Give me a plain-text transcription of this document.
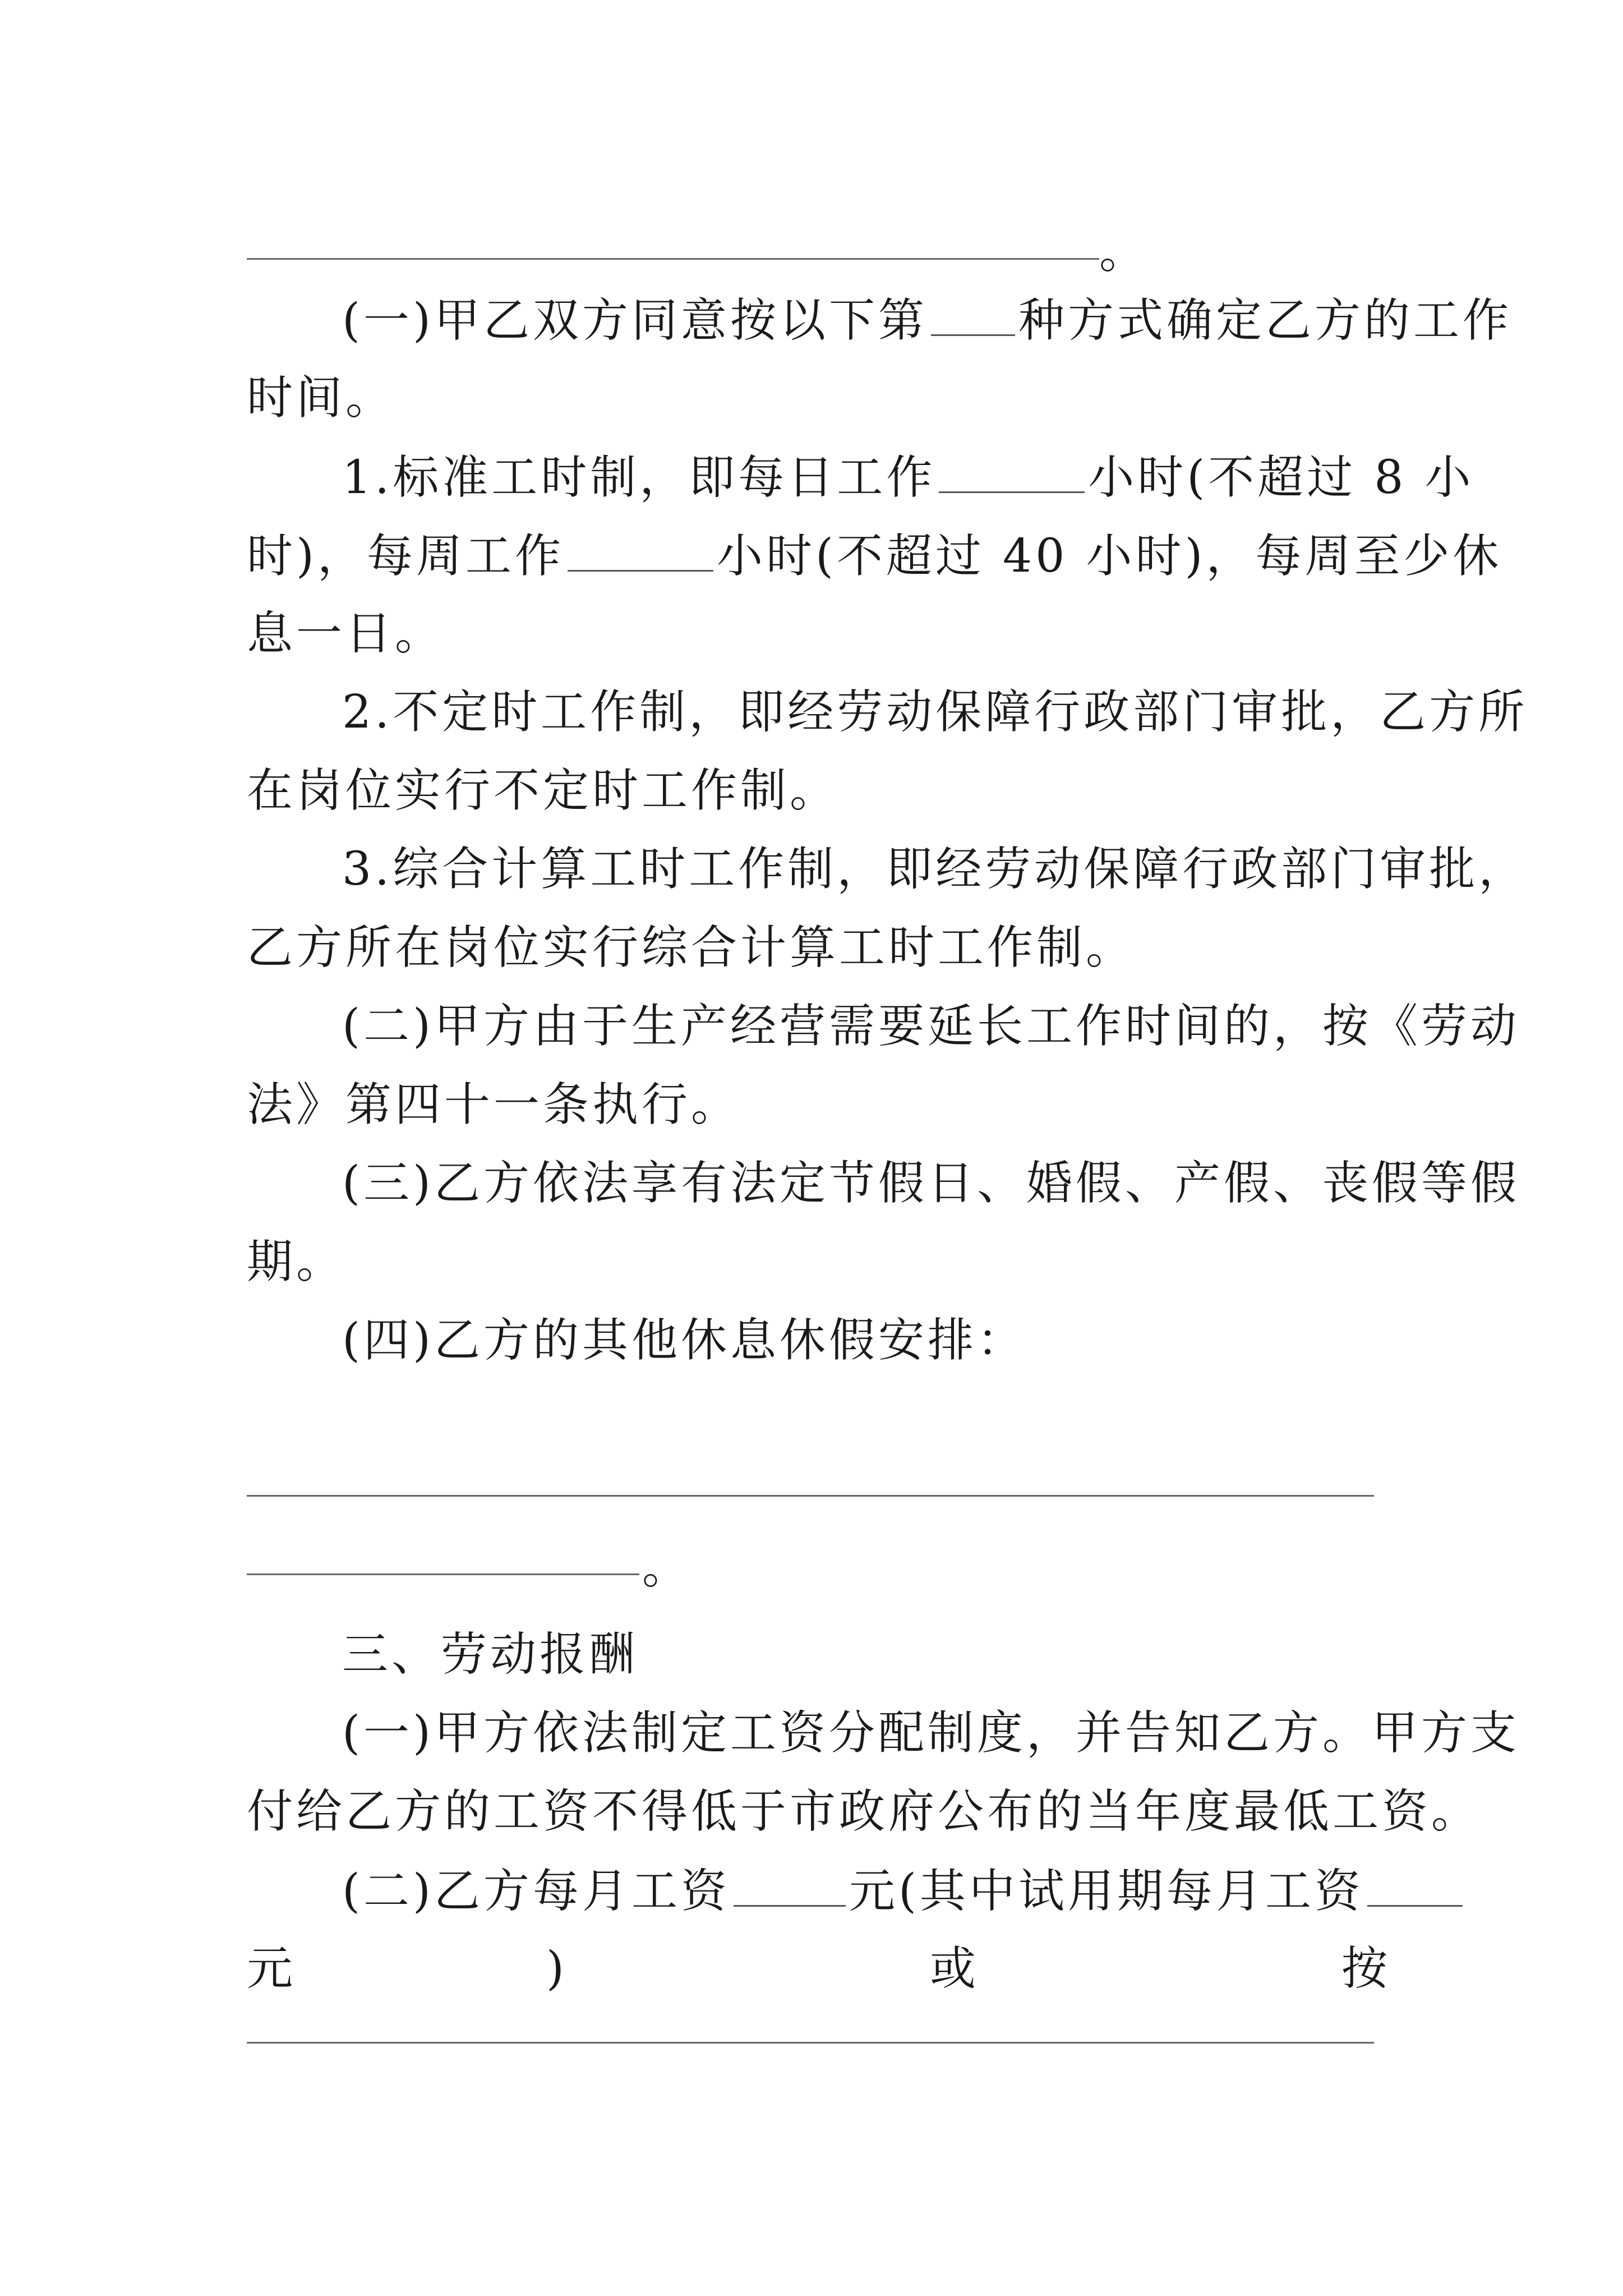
。
(一)甲乙双方同意按以下第 种方式确定乙方的工作
时间。
1.标准工时制，即每日工作	小时(不超过 8 小
时)，每周工作	小时(不超过 40 小时)，每周至少休
息一日。
2.不定时工作制，即经劳动保障行政部门审批，乙方所
在岗位实行不定时工作制。
3.综合计算工时工作制，即经劳动保障行政部门审批，
乙方所在岗位实行综合计算工时工作制。
(二)甲方由于生产经营需要延长工作时间的，按《劳动
法》第四十一条执行。
(三)乙方依法享有法定节假日、婚假、产假、丧假等假
期。
(四)乙方的其他休息休假安排：
。
三、劳动报酬
(一)甲方依法制定工资分配制度，并告知乙方。甲方支
付给乙方的工资不得低于市政府公布的当年度最低工资。
(二)乙方每月工资	元(其中试用期每月工资
元	)	或	按
